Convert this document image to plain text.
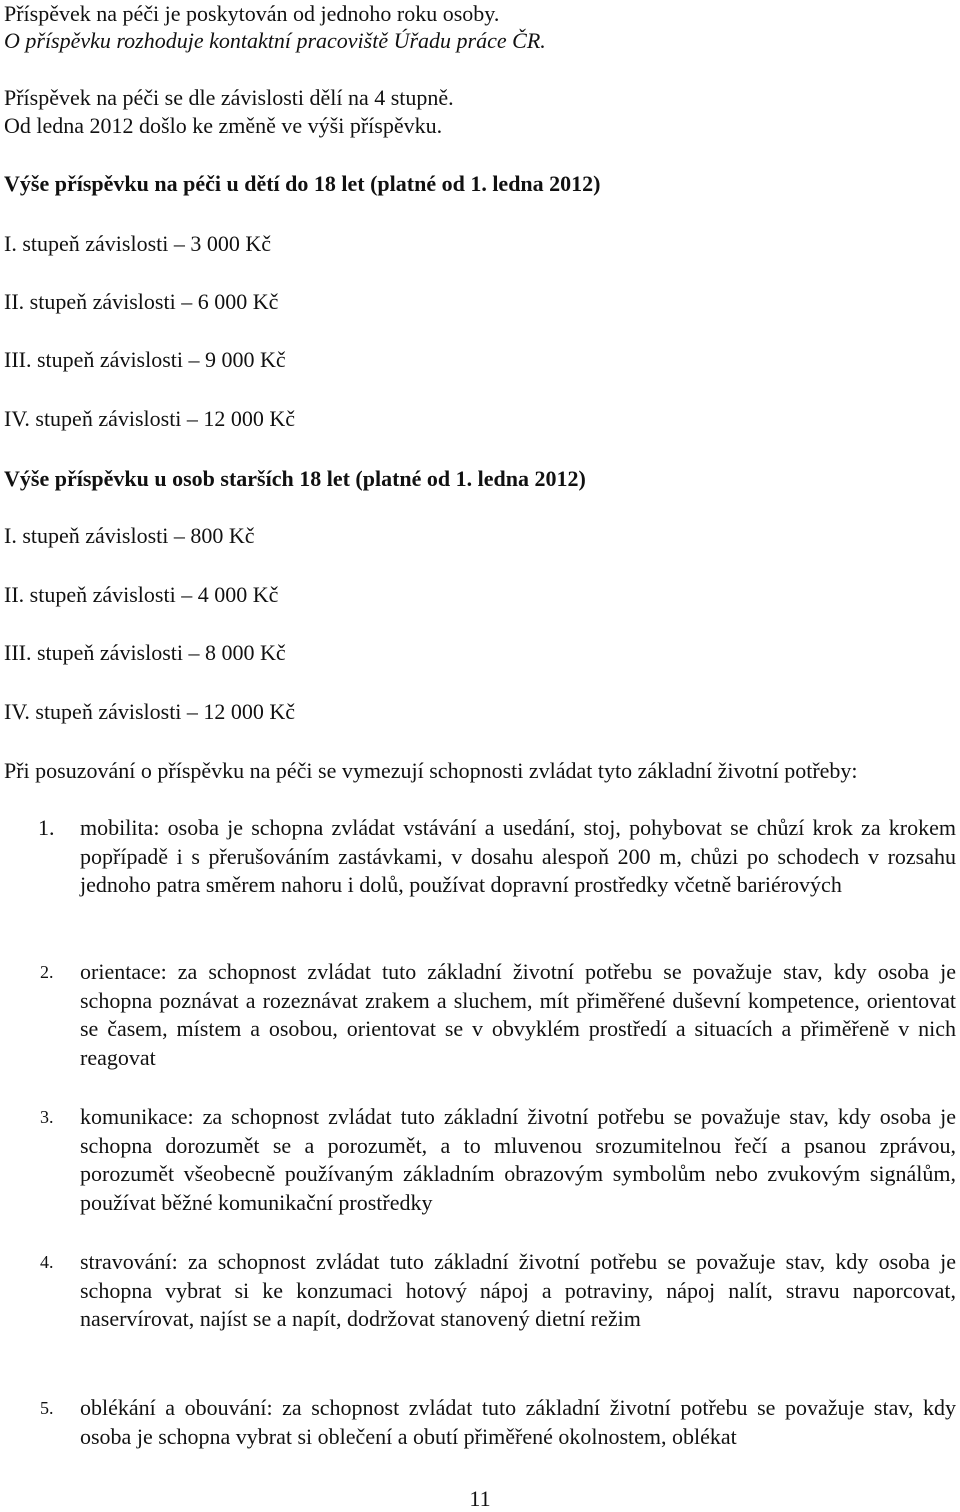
Příspěvek na péči je poskytován od jednoho roku osoby.

O příspěvku rozhoduje kontaktní pracoviště Úřadu práce ČR.

Příspěvek na péči se dle závislosti dělí na 4 stupně.

Od ledna 2012 došlo ke změně ve výši příspěvku.

Výše příspěvku na péči u dětí do 18 let (platné od 1. ledna 2012)

I. stupeň závislosti – 3 000 Kč

II. stupeň závislosti – 6 000 Kč

III. stupeň závislosti – 9 000 Kč

IV. stupeň závislosti – 12 000 Kč

Výše příspěvku u osob starších 18 let (platné od 1. ledna 2012)

I. stupeň závislosti – 800 Kč

II. stupeň závislosti – 4 000 Kč

III. stupeň závislosti – 8 000 Kč

IV. stupeň závislosti – 12 000 Kč

Při posuzování o příspěvku na péči se vymezují schopnosti zvládat tyto základní životní potřeby:

1. mobilita: osoba je schopna zvládat vstávání a usedání, stoj, pohybovat se chůzí krok za krokem popřípadě i s přerušováním zastávkami, v dosahu alespoň 200 m, chůzi po schodech v rozsahu jednoho patra směrem nahoru i dolů, používat dopravní prostředky včetně bariérových

2. orientace: za schopnost zvládat tuto základní životní potřebu se považuje stav, kdy osoba je schopna poznávat a rozeznávat zrakem a sluchem, mít přiměřené duševní kompetence, orientovat se časem, místem a osobou, orientovat se v obvyklém prostředí a situacích a přiměřeně v nich reagovat

3. komunikace: za schopnost zvládat tuto základní životní potřebu se považuje stav, kdy osoba je schopna dorozumět se a porozumět, a to mluvenou srozumitelnou řečí a psanou zprávou, porozumět všeobecně používaným základním obrazovým symbolům nebo zvukovým signálům, používat běžné komunikační prostředky

4. stravování: za schopnost zvládat tuto základní životní potřebu se považuje stav, kdy osoba je schopna vybrat si ke konzumaci hotový nápoj a potraviny, nápoj nalít, stravu naporcovat, naservírovat, najíst se a napít, dodržovat stanovený dietní režim

5. oblékání a obouvání: za schopnost zvládat tuto základní životní potřebu se považuje stav, kdy osoba je schopna vybrat si oblečení a obutí přiměřené okolnostem, oblékat

11
